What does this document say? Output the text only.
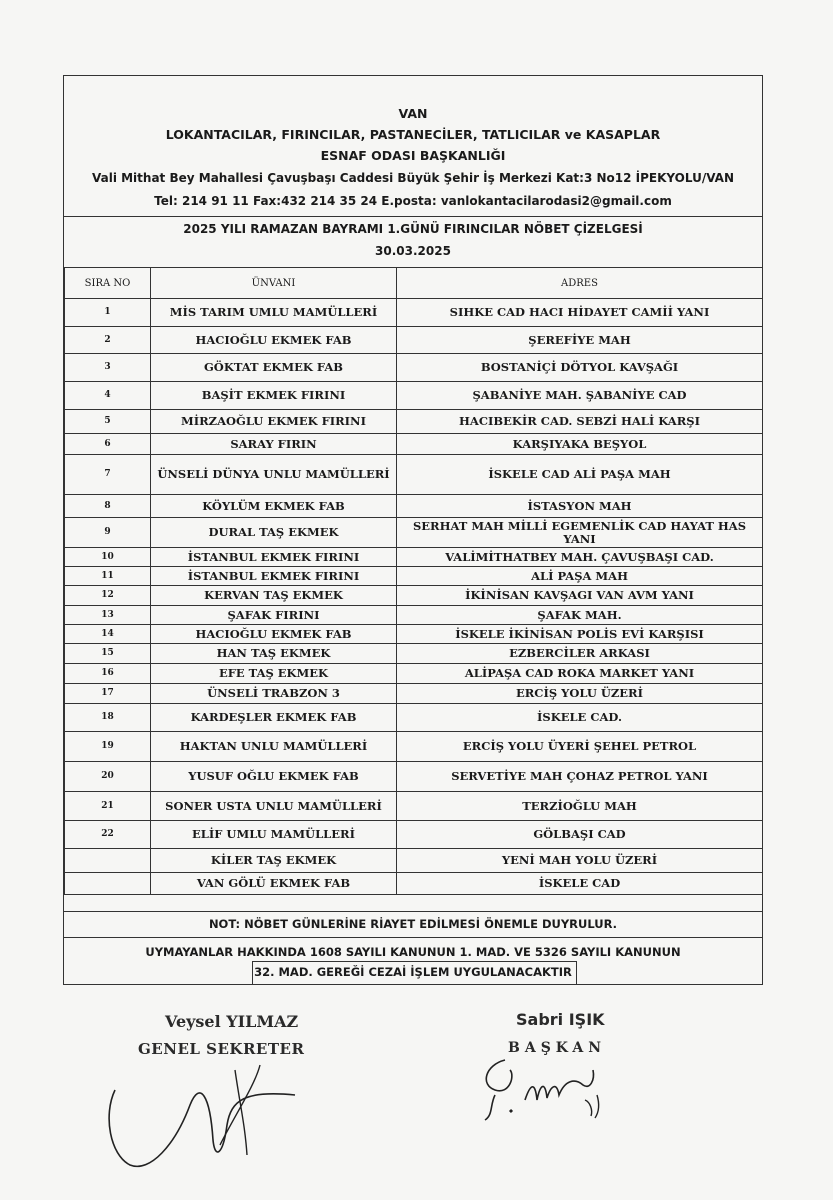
VAN
LOKANTACILAR, FIRINCILAR, PASTANECİLER, TATLICILAR ve KASAPLAR
ESNAF ODASI BAŞKANLIĞI
Vali Mithat Bey Mahallesi Çavuşbaşı Caddesi Büyük Şehir İş Merkezi Kat:3 No12 İPEKYOLU/VAN
Tel: 214 91 11 Fax:432 214 35 24 E.posta: vanlokantacilarodasi2@gmail.com
2025 YILI RAMAZAN BAYRAMI 1.GÜNÜ FIRINCILAR NÖBET ÇİZELGESİ
30.03.2025
SIRA NO	ÜNVANI	ADRES
1	MİS TARIM UMLU MAMÜLLERİ	SIHKE CAD HACI HİDAYET CAMİİ YANI
2	HACIOĞLU EKMEK FAB	ŞEREFİYE MAH
3	GÖKTAT EKMEK FAB	BOSTANİÇİ DÖTYOL KAVŞAĞI
4	BAŞİT EKMEK FIRINI	ŞABANİYE MAH. ŞABANİYE CAD
5	MİRZAOĞLU EKMEK FIRINI	HACIBEKİR CAD. SEBZİ HALİ KARŞI
6	SARAY FIRIN	KARŞIYAKA BEŞYOL
7	ÜNSELİ DÜNYA UNLU MAMÜLLERİ	İSKELE CAD ALİ PAŞA MAH
8	KÖYLÜM EKMEK FAB	İSTASYON MAH
9	DURAL TAŞ EKMEK	SERHAT MAH MİLLİ EGEMENLİK CAD HAYAT HAS YANI
10	İSTANBUL EKMEK FIRINI	VALİMİTHATBEY MAH. ÇAVUŞBAŞI CAD.
11	İSTANBUL EKMEK FIRINI	ALİ PAŞA MAH
12	KERVAN TAŞ EKMEK	İKİNİSAN KAVŞAGI VAN AVM YANI
13	ŞAFAK FIRINI	ŞAFAK MAH.
14	HACIOĞLU EKMEK FAB	İSKELE İKİNİSAN POLİS EVİ KARŞISI
15	HAN TAŞ EKMEK	EZBERCİLER ARKASI
16	EFE TAŞ EKMEK	ALİPAŞA CAD ROKA MARKET YANI
17	ÜNSELİ TRABZON 3	ERCİŞ YOLU ÜZERİ
18	KARDEŞLER EKMEK FAB	İSKELE CAD.
19	HAKTAN UNLU MAMÜLLERİ	ERCİŞ YOLU ÜYERİ ŞEHEL PETROL
20	YUSUF OĞLU EKMEK FAB	SERVETİYE MAH ÇOHAZ PETROL YANI
21	SONER USTA UNLU MAMÜLLERİ	TERZİOĞLU MAH
22	ELİF UMLU MAMÜLLERİ	GÖLBAŞI CAD
	KİLER TAŞ EKMEK	YENİ MAH YOLU ÜZERİ
	VAN GÖLÜ EKMEK FAB	İSKELE CAD
NOT: NÖBET GÜNLERİNE RİAYET EDİLMESİ ÖNEMLE DUYRULUR.
UYMAYANLAR HAKKINDA 1608 SAYILI KANUNUN 1. MAD. VE 5326 SAYILI KANUNUN
32. MAD. GEREĞİ CEZAİ İŞLEM UYGULANACAKTIR
Veysel YILMAZ
GENEL SEKRETER
Sabri IŞIK
BAŞKAN
